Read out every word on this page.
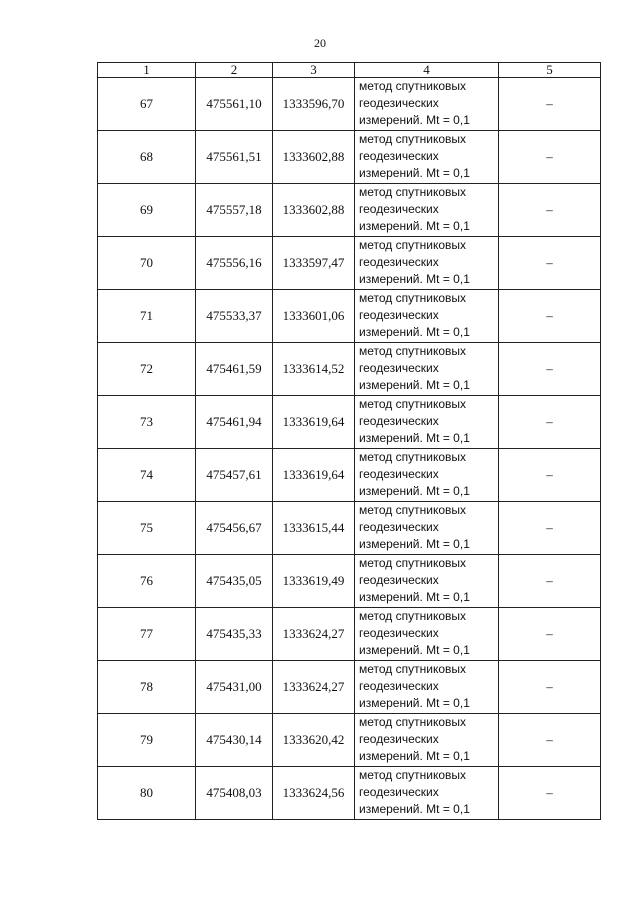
20
1	2	3	4	5
67	475561,10	1333596,70	метод спутниковых
геодезических
измерений. Mt = 0,1	–
68	475561,51	1333602,88	метод спутниковых
геодезических
измерений. Mt = 0,1	–
69	475557,18	1333602,88	метод спутниковых
геодезических
измерений. Mt = 0,1	–
70	475556,16	1333597,47	метод спутниковых
геодезических
измерений. Mt = 0,1	–
71	475533,37	1333601,06	метод спутниковых
геодезических
измерений. Mt = 0,1	–
72	475461,59	1333614,52	метод спутниковых
геодезических
измерений. Mt = 0,1	–
73	475461,94	1333619,64	метод спутниковых
геодезических
измерений. Mt = 0,1	–
74	475457,61	1333619,64	метод спутниковых
геодезических
измерений. Mt = 0,1	–
75	475456,67	1333615,44	метод спутниковых
геодезических
измерений. Mt = 0,1	–
76	475435,05	1333619,49	метод спутниковых
геодезических
измерений. Mt = 0,1	–
77	475435,33	1333624,27	метод спутниковых
геодезических
измерений. Mt = 0,1	–
78	475431,00	1333624,27	метод спутниковых
геодезических
измерений. Mt = 0,1	–
79	475430,14	1333620,42	метод спутниковых
геодезических
измерений. Mt = 0,1	–
80	475408,03	1333624,56	метод спутниковых
геодезических
измерений. Mt = 0,1	–
